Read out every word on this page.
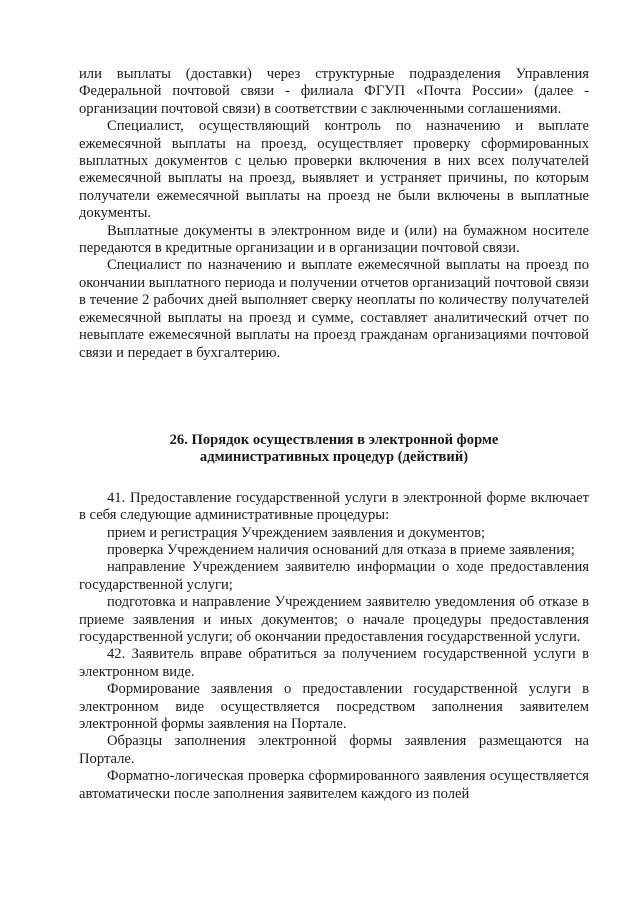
или выплаты (доставки) через структурные подразделения Управления Федеральной почтовой связи - филиала ФГУП «Почта России» (далее - организации почтовой связи) в соответствии с заключенными соглашениями.

Специалист, осуществляющий контроль по назначению и выплате ежемесячной выплаты на проезд, осуществляет проверку сформированных выплатных документов с целью проверки включения в них всех получателей ежемесячной выплаты на проезд, выявляет и устраняет причины, по которым получатели ежемесячной выплаты на проезд не были включены в выплатные документы.

Выплатные документы в электронном виде и (или) на бумажном носителе передаются в кредитные организации и в организации почтовой связи.

Специалист по назначению и выплате ежемесячной выплаты на проезд по окончании выплатного периода и получении отчетов организаций почтовой связи в течение 2 рабочих дней выполняет сверку неоплаты по количеству получателей ежемесячной выплаты на проезд и сумме, составляет аналитический отчет по невыплате ежемесячной выплаты на проезд гражданам организациями почтовой связи и передает в бухгалтерию.

26. Порядок осуществления в электронной форме
административных процедур (действий)

41. Предоставление государственной услуги в электронной форме включает в себя следующие административные процедуры:

прием и регистрация Учреждением заявления и документов;

проверка Учреждением наличия оснований для отказа в приеме заявления;

направление Учреждением заявителю информации о ходе предоставления государственной услуги;

подготовка и направление Учреждением заявителю уведомления об отказе в приеме заявления и иных документов; о начале процедуры предоставления государственной услуги; об окончании предоставления государственной услуги.

42. Заявитель вправе обратиться за получением государственной услуги в электронном виде.

Формирование заявления о предоставлении государственной услуги в электронном виде осуществляется посредством заполнения заявителем электронной формы заявления на Портале.

Образцы заполнения электронной формы заявления размещаются на Портале.

Форматно-логическая проверка сформированного заявления осуществляется автоматически после заполнения заявителем каждого из полей
